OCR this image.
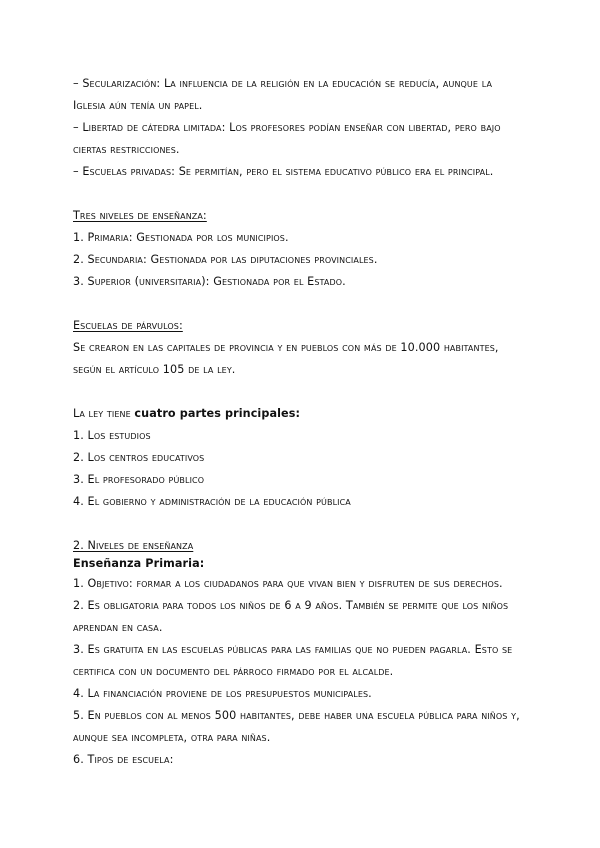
– Secularización: La influencia de la religión en la educación se reducía, aunque la
Iglesia aún tenía un papel.
– Libertad de cátedra limitada: Los profesores podían enseñar con libertad, pero bajo
ciertas restricciones.
– Escuelas privadas: Se permitían, pero el sistema educativo público era el principal.
Tres niveles de enseñanza:
1. Primaria: Gestionada por los municipios.
2. Secundaria: Gestionada por las diputaciones provinciales.
3. Superior (universitaria): Gestionada por el Estado.
Escuelas de párvulos:
Se crearon en las capitales de provincia y en pueblos con más de 10.000 habitantes,
según el artículo 105 de la ley.
La ley tiene cuatro partes principales:
1. Los estudios
2. Los centros educativos
3. El profesorado público
4. El gobierno y administración de la educación pública
2. Niveles de enseñanza
Enseñanza Primaria:
1. Objetivo: formar a los ciudadanos para que vivan bien y disfruten de sus derechos.
2. Es obligatoria para todos los niños de 6 a 9 años. También se permite que los niños
aprendan en casa.
3. Es gratuita en las escuelas públicas para las familias que no pueden pagarla. Esto se
certifica con un documento del párroco firmado por el alcalde.
4. La financiación proviene de los presupuestos municipales.
5. En pueblos con al menos 500 habitantes, debe haber una escuela pública para niños y,
aunque sea incompleta, otra para niñas.
6. Tipos de escuela:
